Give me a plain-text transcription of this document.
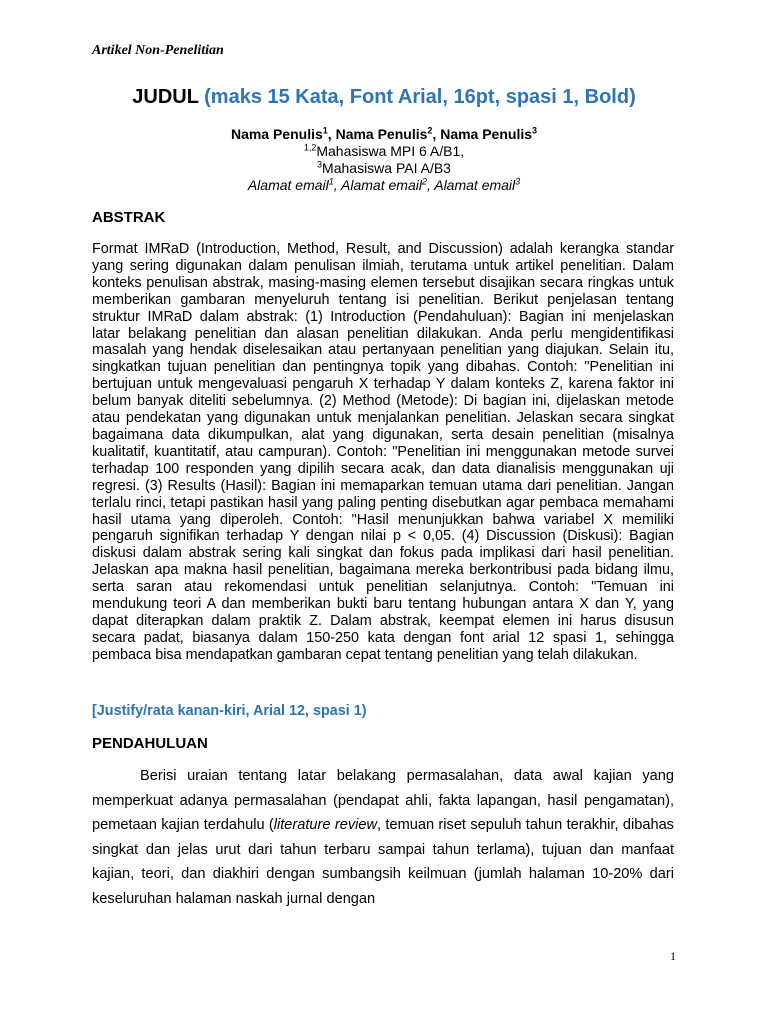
Artikel Non-Penelitian
JUDUL (maks 15 Kata, Font Arial, 16pt, spasi 1, Bold)
Nama Penulis$^1$, Nama Penulis$^2$, Nama Penulis$^3$
$^{1,2}$Mahasiswa MPI 6 A/B1,
$^3$Mahasiswa PAI A/B3
Alamat email$^1$, Alamat email$^2$, Alamat email$^3$
ABSTRAK
Format IMRaD (Introduction, Method, Result, and Discussion) adalah kerangka standar yang sering digunakan dalam penulisan ilmiah, terutama untuk artikel penelitian. Dalam konteks penulisan abstrak, masing-masing elemen tersebut disajikan secara ringkas untuk memberikan gambaran menyeluruh tentang isi penelitian. Berikut penjelasan tentang struktur IMRaD dalam abstrak: (1) Introduction (Pendahuluan): Bagian ini menjelaskan latar belakang penelitian dan alasan penelitian dilakukan. Anda perlu mengidentifikasi masalah yang hendak diselesaikan atau pertanyaan penelitian yang diajukan. Selain itu, singkatkan tujuan penelitian dan pentingnya topik yang dibahas. Contoh: "Penelitian ini bertujuan untuk mengevaluasi pengaruh X terhadap Y dalam konteks Z, karena faktor ini belum banyak diteliti sebelumnya. (2) Method (Metode): Di bagian ini, dijelaskan metode atau pendekatan yang digunakan untuk menjalankan penelitian. Jelaskan secara singkat bagaimana data dikumpulkan, alat yang digunakan, serta desain penelitian (misalnya kualitatif, kuantitatif, atau campuran). Contoh: "Penelitian ini menggunakan metode survei terhadap 100 responden yang dipilih secara acak, dan data dianalisis menggunakan uji regresi. (3) Results (Hasil): Bagian ini memaparkan temuan utama dari penelitian. Jangan terlalu rinci, tetapi pastikan hasil yang paling penting disebutkan agar pembaca memahami hasil utama yang diperoleh. Contoh: "Hasil menunjukkan bahwa variabel X memiliki pengaruh signifikan terhadap Y dengan nilai p < 0,05. (4) Discussion (Diskusi): Bagian diskusi dalam abstrak sering kali singkat dan fokus pada implikasi dari hasil penelitian. Jelaskan apa makna hasil penelitian, bagaimana mereka berkontribusi pada bidang ilmu, serta saran atau rekomendasi untuk penelitian selanjutnya. Contoh: "Temuan ini mendukung teori A dan memberikan bukti baru tentang hubungan antara X dan Y, yang dapat diterapkan dalam praktik Z. Dalam abstrak, keempat elemen ini harus disusun secara padat, biasanya dalam 150-250 kata dengan font arial 12 spasi 1, sehingga pembaca bisa mendapatkan gambaran cepat tentang penelitian yang telah dilakukan.
[Justify/rata kanan-kiri, Arial 12, spasi 1)
PENDAHULUAN
Berisi uraian tentang latar belakang permasalahan, data awal kajian yang memperkuat adanya permasalahan (pendapat ahli, fakta lapangan, hasil pengamatan), pemetaan kajian terdahulu (literature review, temuan riset sepuluh tahun terakhir, dibahas singkat dan jelas urut dari tahun terbaru sampai tahun terlama), tujuan dan manfaat kajian, teori, dan diakhiri dengan sumbangsih keilmuan (jumlah halaman 10-20% dari keseluruhan halaman naskah jurnal dengan
1
